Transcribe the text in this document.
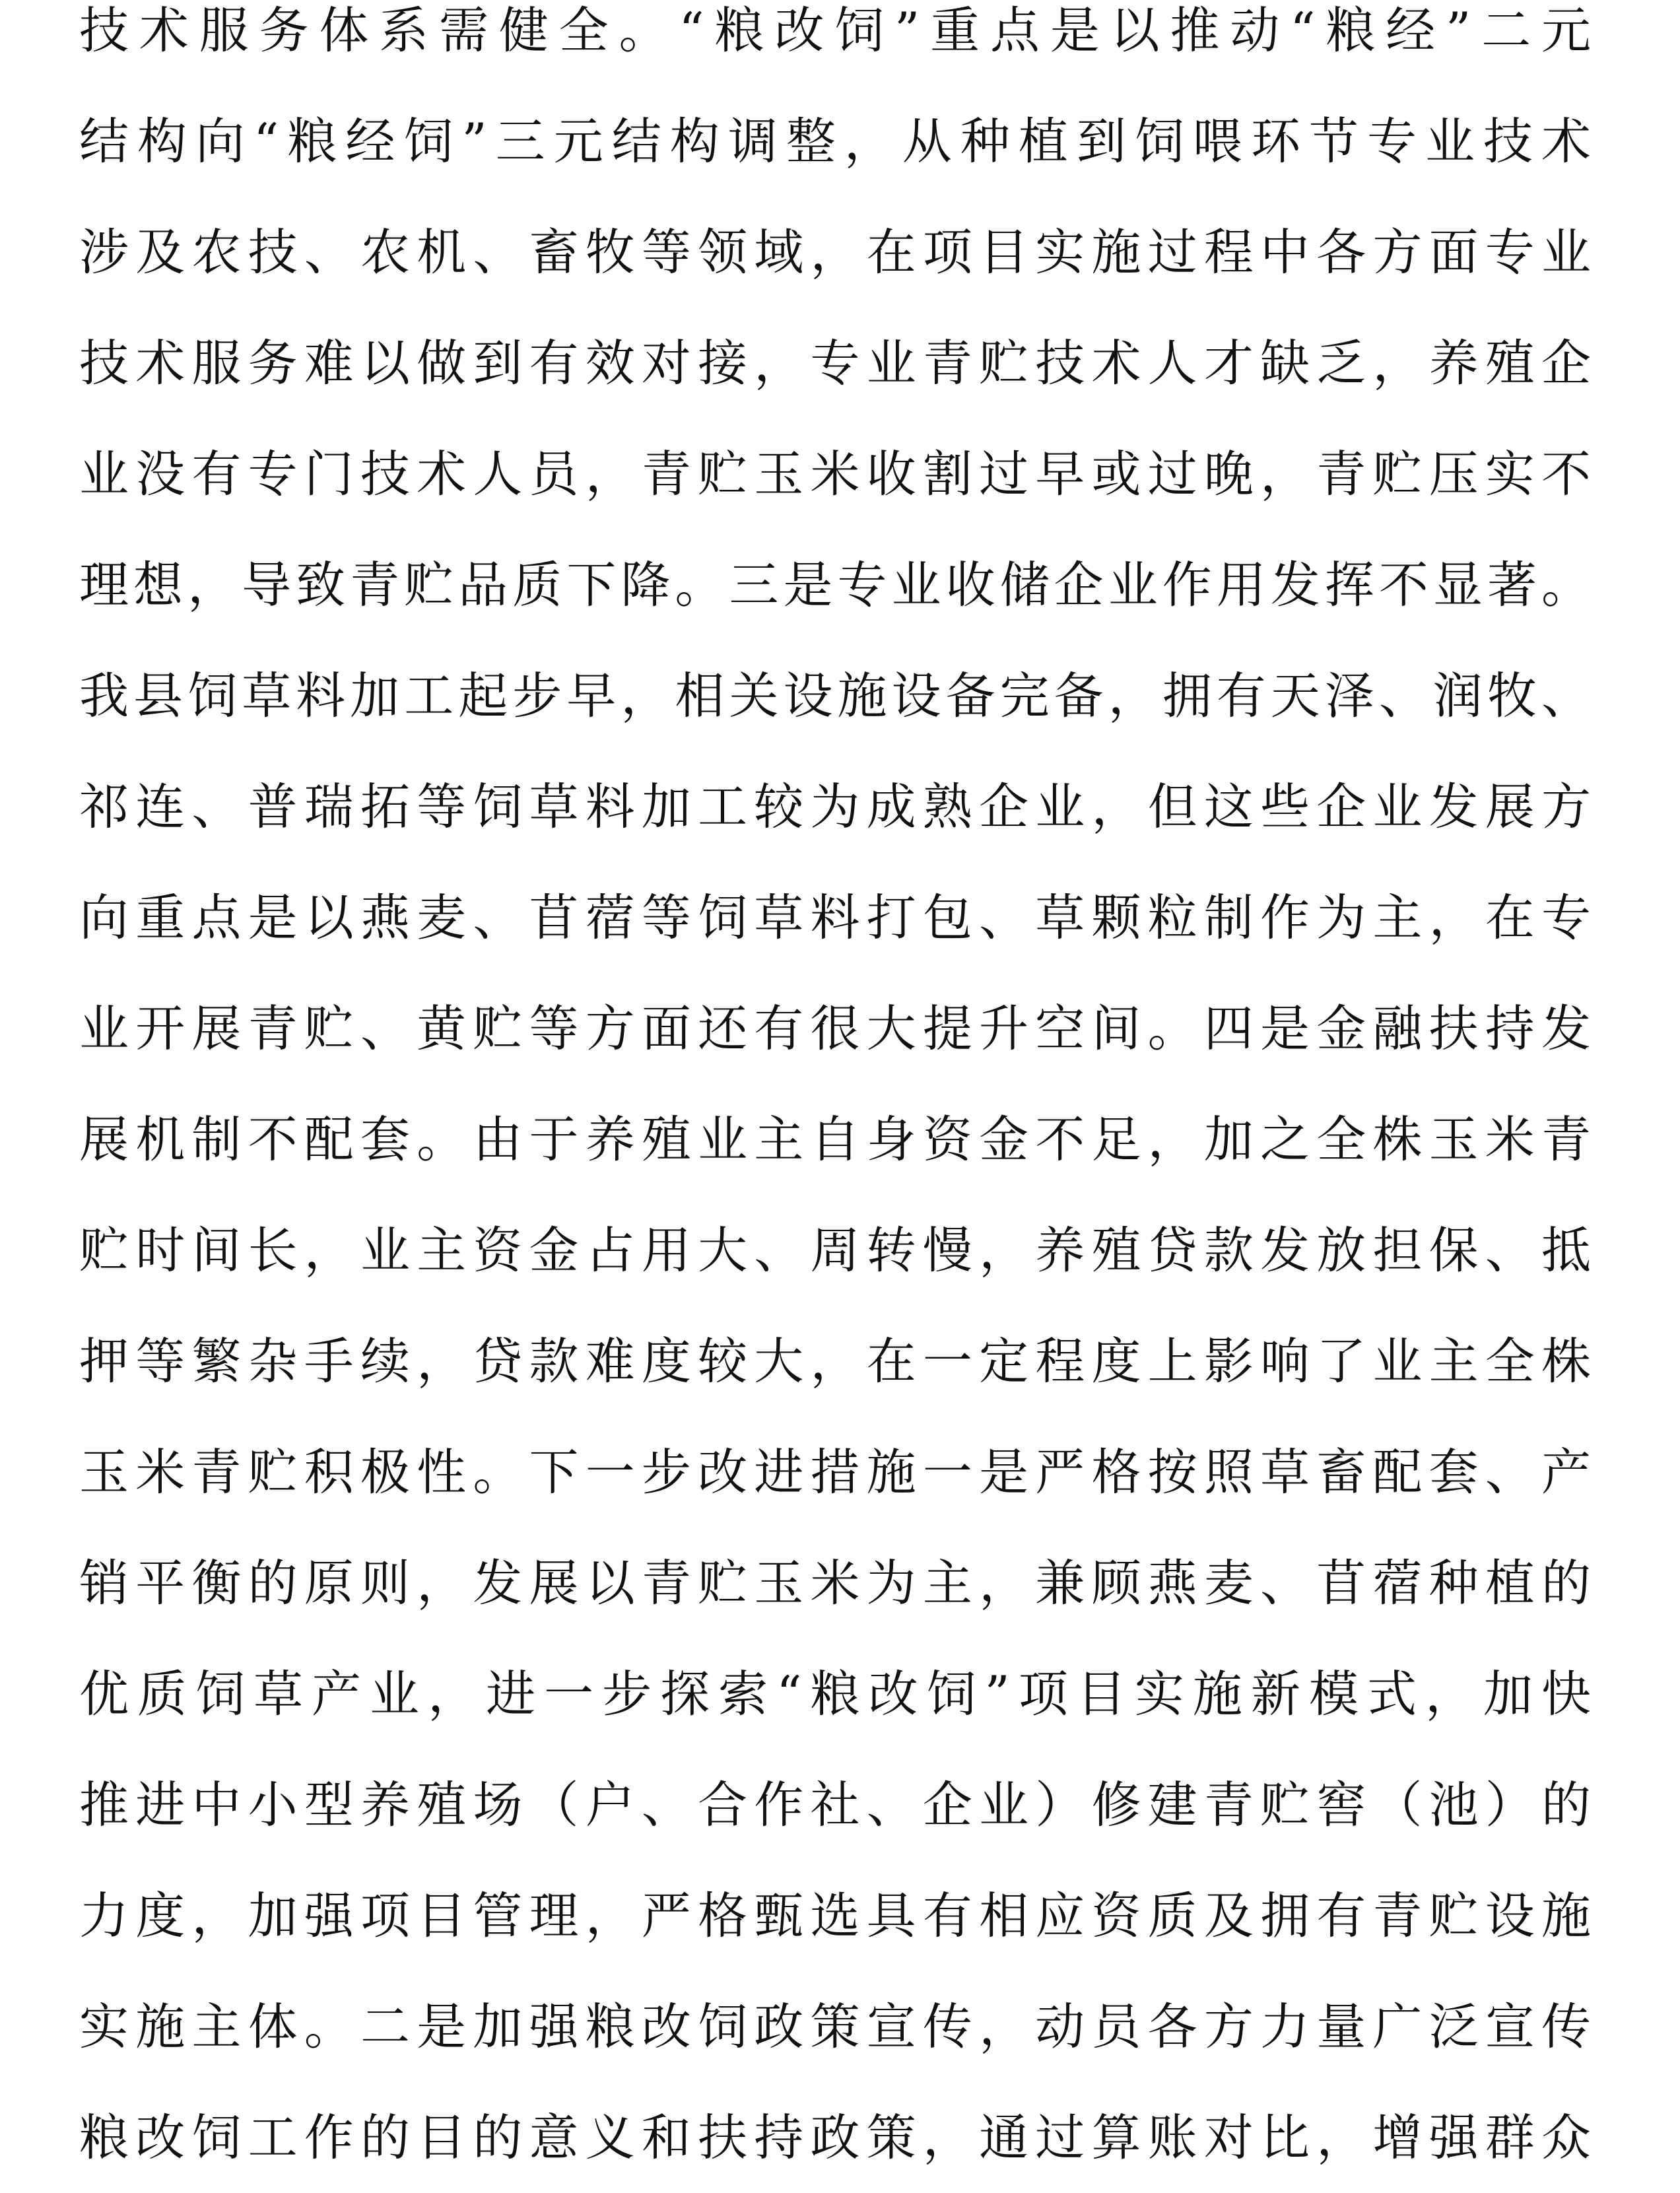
技术服务体系需健全。“粮改饲”重点是以推动“粮经”二元
结构向“粮经饲”三元结构调整，从种植到饲喂环节专业技术
涉及农技、农机、畜牧等领域，在项目实施过程中各方面专业
技术服务难以做到有效对接，专业青贮技术人才缺乏，养殖企
业没有专门技术人员，青贮玉米收割过早或过晚，青贮压实不
理想，导致青贮品质下降。三是专业收储企业作用发挥不显著。
我县饲草料加工起步早，相关设施设备完备，拥有天泽、润牧、
祁连、普瑞拓等饲草料加工较为成熟企业，但这些企业发展方
向重点是以燕麦、苜蓿等饲草料打包、草颗粒制作为主，在专
业开展青贮、黄贮等方面还有很大提升空间。四是金融扶持发
展机制不配套。由于养殖业主自身资金不足，加之全株玉米青
贮时间长，业主资金占用大、周转慢，养殖贷款发放担保、抵
押等繁杂手续，贷款难度较大，在一定程度上影响了业主全株
玉米青贮积极性。下一步改进措施一是严格按照草畜配套、产
销平衡的原则，发展以青贮玉米为主，兼顾燕麦、苜蓿种植的
优质饲草产业，进一步探索“粮改饲”项目实施新模式，加快
推进中小型养殖场（户、合作社、企业）修建青贮窖（池）的
力度，加强项目管理，严格甄选具有相应资质及拥有青贮设施
实施主体。二是加强粮改饲政策宣传，动员各方力量广泛宣传
粮改饲工作的目的意义和扶持政策，通过算账对比，增强群众
